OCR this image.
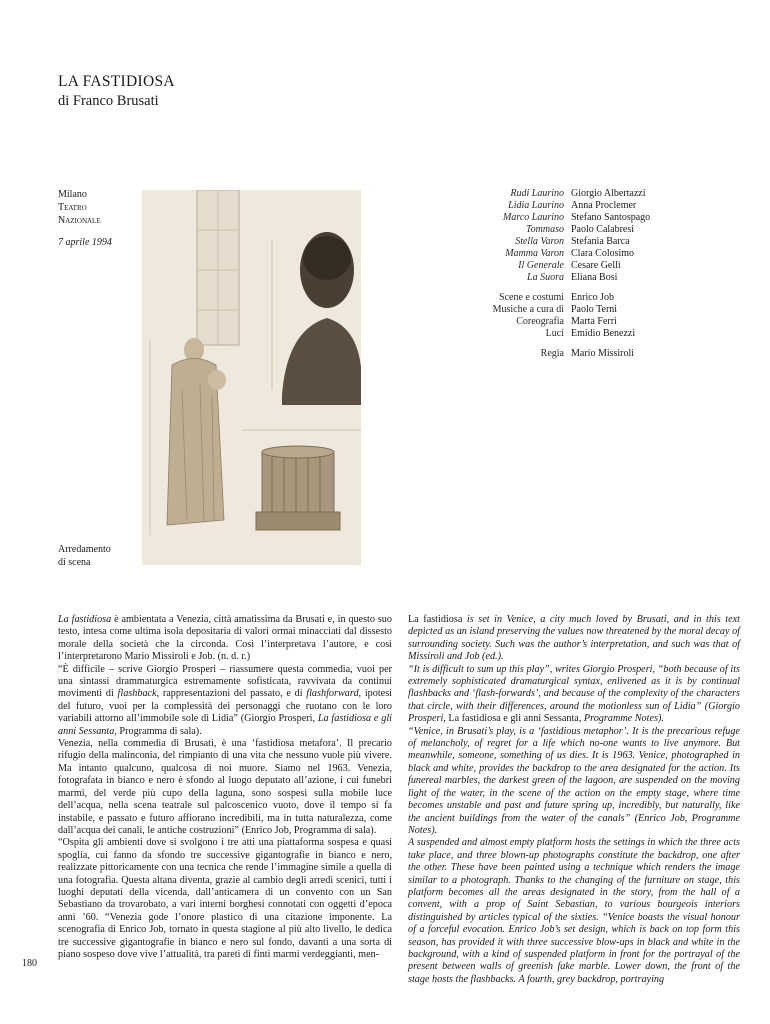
LA FASTIDIOSA
di Franco Brusati
Milano
Teatro
Nazionale
7 aprile 1994
Arredamento
di scena
Rudi Laurino Giorgio Albertazzi
Lidia Laurino Anna Proclemer
Marco Laurino Stefano Santospago
Tommaso Paolo Calabresi
Stella Varon Stefania Barca
Mamma Varon Clara Colosimo
Il Generale Cesare Gelli
La Suora Eliana Bosi
Scene e costumi Enrico Job
Musiche a cura di Paolo Terni
Coreografia Marta Ferri
Luci Emidio Benezzi
Regia Mario Missiroli

La fastidiosa è ambientata a Venezia, città amatissima da Brusati e, in questo suo testo, intesa come ultima isola depositaria di valori ormai minacciati dal dissesto morale della società che la circonda. Così l’interpretava l’autore, e così l’interpretarono Mario Missiroli e Job. (n. d. r.)

“È difficile – scrive Giorgio Prosperi – riassumere questa commedia, vuoi per una sintassi drammaturgica estremamente sofisticata, ravvivata da continui movimenti di flashback, rappresentazioni del passato, e di flashforward, ipotesi del futuro, vuoi per la complessità dei personaggi che ruotano con le loro variabili attorno all’immobile sole di Lidia” (Giorgio Prosperi, La fastidiosa e gli anni Sessanta, Programma di sala).

Venezia, nella commedia di Brusati, è una ‘fastidiosa metafora’. Il precario rifugio della malinconia, del rimpianto di una vita che nessuno vuole più vivere. Ma intanto qualcuno, qualcosa di noi muore. Siamo nel 1963. Venezia, fotografata in bianco e nero è sfondo al luogo deputato all’azione, i cui funebri marmi, del verde più cupo della laguna, sono sospesi sulla mobile luce dell’acqua, nella scena teatrale sul palcoscenico vuoto, dove il tempo si fa instabile, e passato e futuro affiorano incredibili, ma in tutta naturalezza, come dall’acqua dei canali, le antiche costruzioni” (Enrico Job, Programma di sala).

“Ospita gli ambienti dove si svolgono i tre atti una piattaforma sospesa e quasi spoglia, cui fanno da sfondo tre successive gigantografie in bianco e nero, realizzate pittoricamente con una tecnica che rende l’immagine simile a quella di una fotografia. Questa altana diventa, grazie al cambio degli arredi scenici, tutti i luoghi deputati della vicenda, dall’anticamera di un convento con un San Sebastiano da trovarobato, a vari interni borghesi connotati con oggetti d’epoca anni ’60. “Venezia gode l’onore plastico di una citazione imponente. La scenografia di Enrico Job, tornato in questa stagione al più alto livello, le dedica tre successive gigantografie in bianco e nero sul fondo, davanti a una sorta di piano sospeso dove vive l’attualità, tra pareti di finti marmi verdeggianti, men-

La fastidiosa is set in Venice, a city much loved by Brusati, and in this text depicted as an island preserving the values now threatened by the moral decay of surrounding society. Such was the author’s interpretation, and such was that of Missiroli and Job (ed.).

“It is difficult to sum up this play”, writes Giorgio Prosperi, “both because of its extremely sophisticated dramaturgical syntax, enlivened as it is by continual flashbacks and ‘flash-forwards’, and because of the complexity of the characters that circle, with their differences, around the motionless sun of Lidia” (Giorgio Prosperi, La fastidiosa e gli anni Sessanta, Programme Notes).

“Venice, in Brusati’s play, is a ‘fastidious metaphor’. It is the precarious refuge of melancholy, of regret for a life which no-one wants to live anymore. But meanwhile, someone, something of us dies. It is 1963. Venice, photographed in black and white, provides the backdrop to the area designated for the action. Its funereal marbles, the darkest green of the lagoon, are suspended on the moving light of the water, in the scene of the action on the empty stage, where time becomes unstable and past and future spring up, incredibly, but naturally, like the ancient buildings from the water of the canals” (Enrico Job, Programme Notes).

A suspended and almost empty platform hosts the settings in which the three acts take place, and three blown-up photographs constitute the backdrop, one after the other. These have been painted using a technique which renders the image similar to a photograph. Thanks to the changing of the furniture on stage, this platform becomes all the areas designated in the story, from the hall of a convent, with a prop of Saint Sebastian, to various bourgeois interiors distinguished by articles typical of the sixties. “Venice boasts the visual honour of a forceful evocation. Enrico Job’s set design, which is back on top form this season, has provided it with three successive blow-ups in black and white in the background, with a kind of suspended platform in front for the portrayal of the present between walls of greenish fake marble. Lower down, the front of the stage hosts the flashbacks. A fourth, grey backdrop, portraying

180
